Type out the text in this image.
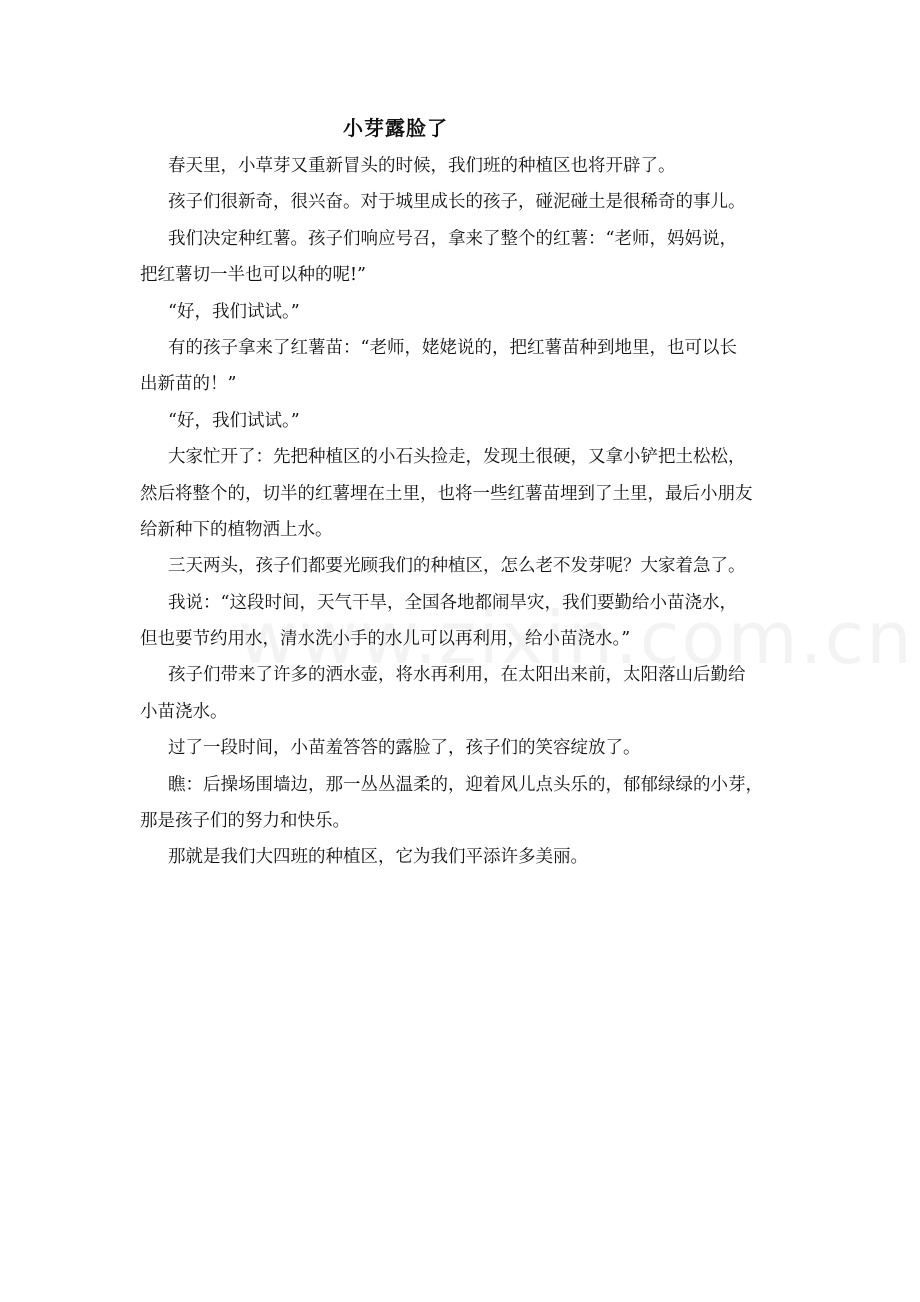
小芽露脸了

春天里，小草芽又重新冒头的时候，我们班的种植区也将开辟了。

孩子们很新奇，很兴奋。对于城里成长的孩子，碰泥碰土是很稀奇的事儿。

我们决定种红薯。孩子们响应号召，拿来了整个的红薯：“老师，妈妈说，

把红薯切一半也可以种的呢!”

“好，我们试试。”

有的孩子拿来了红薯苗：“老师，姥姥说的，把红薯苗种到地里，也可以长

出新苗的！”

“好，我们试试。”

大家忙开了：先把种植区的小石头捡走，发现土很硬，又拿小铲把土松松，

然后将整个的，切半的红薯埋在土里，也将一些红薯苗埋到了土里，最后小朋友

给新种下的植物洒上水。

三天两头，孩子们都要光顾我们的种植区，怎么老不发芽呢？大家着急了。

我说：“这段时间，天气干旱，全国各地都闹旱灾，我们要勤给小苗浇水，

但也要节约用水，清水洗小手的水儿可以再利用，给小苗浇水。”

孩子们带来了许多的洒水壶，将水再利用，在太阳出来前，太阳落山后勤给

小苗浇水。

过了一段时间，小苗羞答答的露脸了，孩子们的笑容绽放了。

瞧：后操场围墙边，那一丛丛温柔的，迎着风儿点头乐的，郁郁绿绿的小芽，

那是孩子们的努力和快乐。

那就是我们大四班的种植区，它为我们平添许多美丽。
